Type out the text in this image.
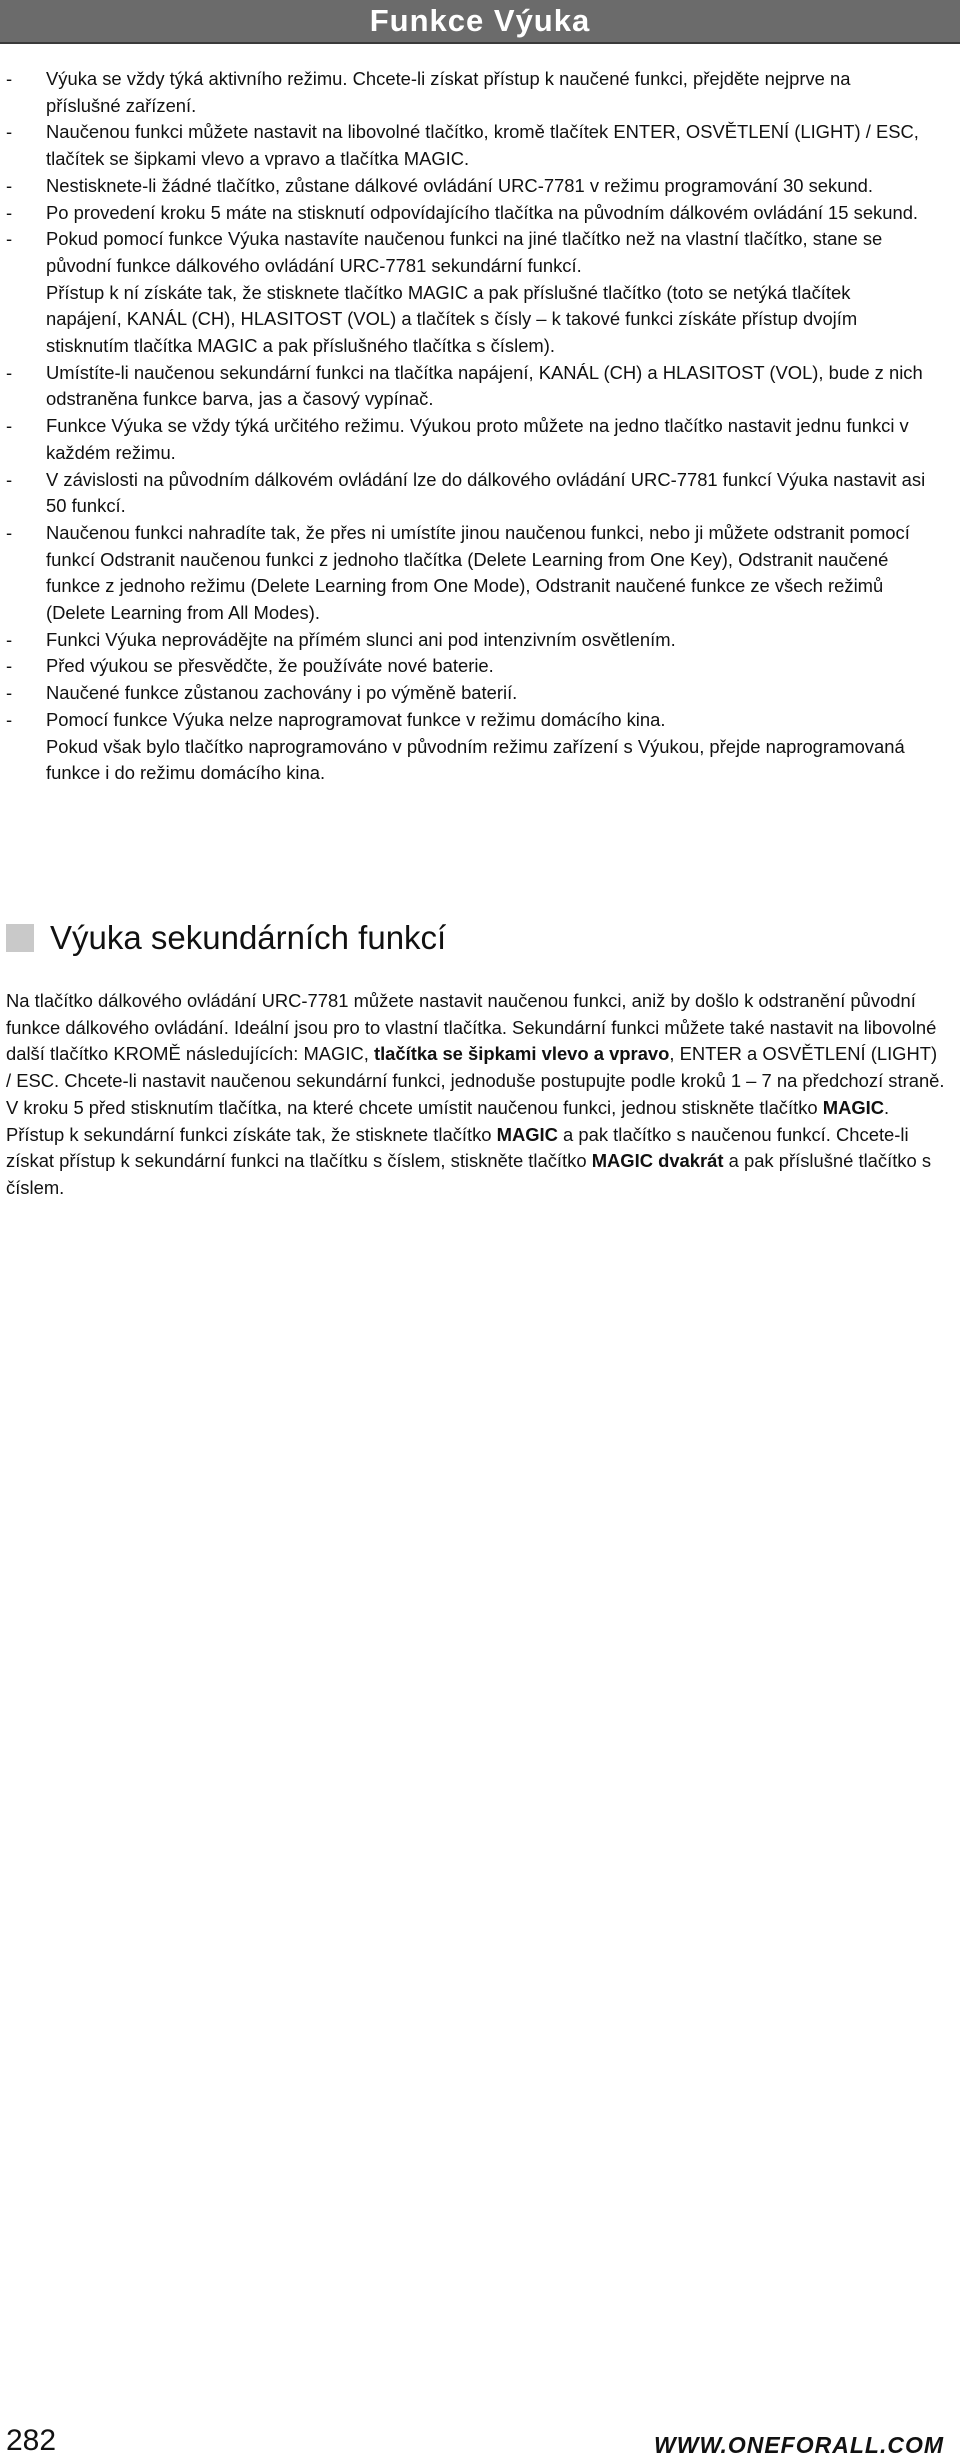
Funkce Výuka
- Výuka se vždy týká aktivního režimu. Chcete-li získat přístup k naučené funkci, přejděte nejprve na příslušné zařízení.
- Naučenou funkci můžete nastavit na libovolné tlačítko, kromě tlačítek ENTER, OSVĚTLENÍ (LIGHT) / ESC, tlačítek se šipkami vlevo a vpravo a tlačítka MAGIC.
- Nestisknete-li žádné tlačítko, zůstane dálkové ovládání URC-7781 v režimu programování 30 sekund.
- Po provedení kroku 5 máte na stisknutí odpovídajícího tlačítka na původním dálkovém ovládání 15 sekund.
- Pokud pomocí funkce Výuka nastavíte naučenou funkci na jiné tlačítko než na vlastní tlačítko, stane se původní funkce dálkového ovládání URC-7781 sekundární funkcí.
Přístup k ní získáte tak, že stisknete tlačítko MAGIC a pak příslušné tlačítko (toto se netýká tlačítek napájení, KANÁL (CH), HLASITOST (VOL) a tlačítek s čísly – k takové funkci získáte přístup dvojím stisknutím tlačítka MAGIC a pak příslušného tlačítka s číslem).
- Umístíte-li naučenou sekundární funkci na tlačítka napájení, KANÁL (CH) a HLASITOST (VOL), bude z nich odstraněna funkce barva, jas a časový vypínač.
- Funkce Výuka se vždy týká určitého režimu. Výukou proto můžete na jedno tlačítko nastavit jednu funkci v každém režimu.
- V závislosti na původním dálkovém ovládání lze do dálkového ovládání URC-7781 funkcí Výuka nastavit asi 50 funkcí.
- Naučenou funkci nahradíte tak, že přes ni umístíte jinou naučenou funkci, nebo ji můžete odstranit pomocí funkcí Odstranit naučenou funkci z jednoho tlačítka (Delete Learning from One Key), Odstranit naučené funkce z jednoho režimu (Delete Learning from One Mode), Odstranit naučené funkce ze všech režimů (Delete Learning from All Modes).
- Funkci Výuka neprovádějte na přímém slunci ani pod intenzivním osvětlením.
- Před výukou se přesvědčte, že používáte nové baterie.
- Naučené funkce zůstanou zachovány i po výměně baterií.
- Pomocí funkce Výuka nelze naprogramovat funkce v režimu domácího kina.
Pokud však bylo tlačítko naprogramováno v původním režimu zařízení s Výukou, přejde naprogramovaná funkce i do režimu domácího kina.
Výuka sekundárních funkcí

Na tlačítko dálkového ovládání URC-7781 můžete nastavit naučenou funkci, aniž by došlo k odstranění původní funkce dálkového ovládání. Ideální jsou pro to vlastní tlačítka. Sekundární funkci můžete také nastavit na libovolné další tlačítko KROMĚ následujících: MAGIC, tlačítka se šipkami vlevo a vpravo, ENTER a OSVĚTLENÍ (LIGHT) / ESC. Chcete-li nastavit naučenou sekundární funkci, jednoduše postupujte podle kroků 1 – 7 na předchozí straně. V kroku 5 před stisknutím tlačítka, na které chcete umístit naučenou funkci, jednou stiskněte tlačítko MAGIC. Přístup k sekundární funkci získáte tak, že stisknete tlačítko MAGIC a pak tlačítko s naučenou funkcí. Chcete-li získat přístup k sekundární funkci na tlačítku s číslem, stiskněte tlačítko MAGIC dvakrát a pak příslušné tlačítko s číslem.

282	WWW.ONEFORALL.COM
